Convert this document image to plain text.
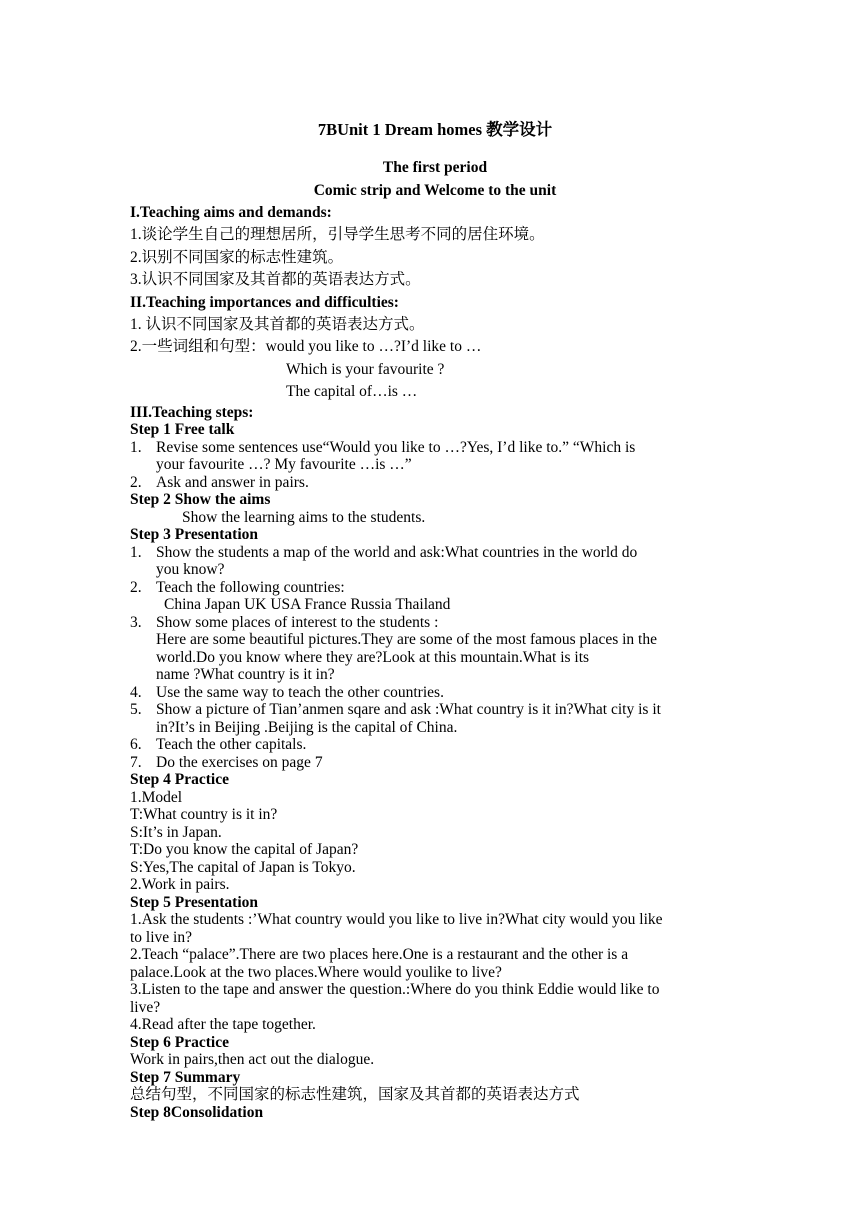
7BUnit 1 Dream homes 教学设计
The first period
Comic strip and Welcome to the unit
I.Teaching aims and demands:
1.谈论学生自己的理想居所，引导学生思考不同的居住环境。
2.识别不同国家的标志性建筑。
3.认识不同国家及其首都的英语表达方式。
II.Teaching importances and difficulties:
1. 认识不同国家及其首都的英语表达方式。
2.一些词组和句型：would you like to …?I’d like to …
Which is your favourite ?
The capital of…is …
III.Teaching steps:
Step 1 Free talk
1. Revise some sentences use“Would you like to …?Yes, I’d like to.” “Which is
your favourite …? My favourite …is …”
2. Ask and answer in pairs.
Step 2 Show the aims
Show the learning aims to the students.
Step 3 Presentation
1. Show the students a map of the world and ask:What countries in the world do
you know?
2. Teach the following countries:
China Japan UK USA France Russia Thailand
3. Show some places of interest to the students :
Here are some beautiful pictures.They are some of the most famous places in the
world.Do you know where they are?Look at this mountain.What is its
name ?What country is it in?
4. Use the same way to teach the other countries.
5. Show a picture of Tian’anmen sqare and ask :What country is it in?What city is it
in?It’s in Beijing .Beijing is the capital of China.
6. Teach the other capitals.
7. Do the exercises on page 7
Step 4 Practice
1.Model
T:What country is it in?
S:It’s in Japan.
T:Do you know the capital of Japan?
S:Yes,The capital of Japan is Tokyo.
2.Work in pairs.
Step 5 Presentation
1.Ask the students :’What country would you like to live in?What city would you like
to live in?
2.Teach “palace”.There are two places here.One is a restaurant and the other is a
palace.Look at the two places.Where would youlike to live?
3.Listen to the tape and answer the question.:Where do you think Eddie would like to
live?
4.Read after the tape together.
Step 6 Practice
Work in pairs,then act out the dialogue.
Step 7 Summary
总结句型，不同国家的标志性建筑，国家及其首都的英语表达方式
Step 8Consolidation
